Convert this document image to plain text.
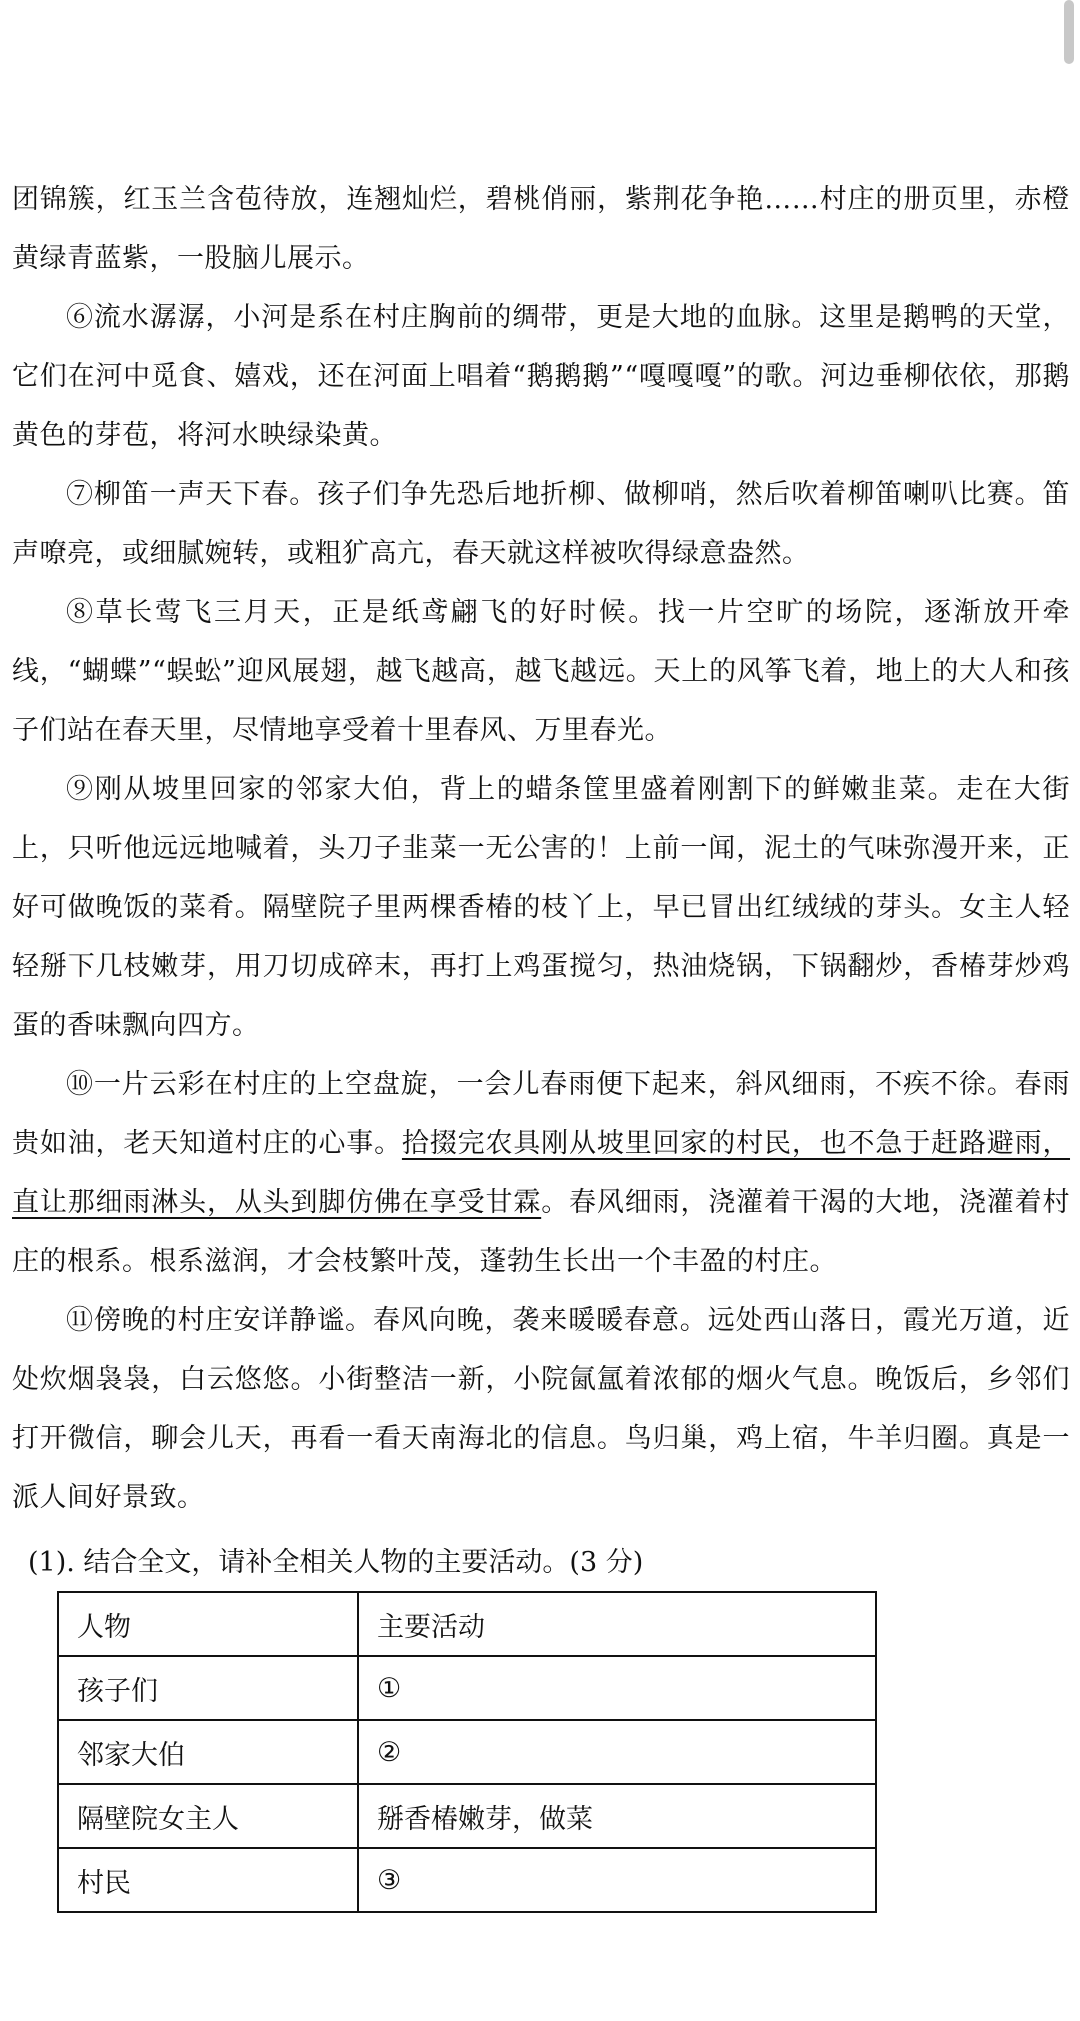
团锦簇，红玉兰含苞待放，连翘灿烂，碧桃俏丽，紫荆花争艳……村庄的册页里，赤橙黄绿青蓝紫，一股脑儿展示。

⑥流水潺潺，小河是系在村庄胸前的绸带，更是大地的血脉。这里是鹅鸭的天堂，它们在河中觅食、嬉戏，还在河面上唱着“鹅鹅鹅”“嘎嘎嘎”的歌。河边垂柳依依，那鹅黄色的芽苞，将河水映绿染黄。

⑦柳笛一声天下春。孩子们争先恐后地折柳、做柳哨，然后吹着柳笛喇叭比赛。笛声嘹亮，或细腻婉转，或粗犷高亢，春天就这样被吹得绿意盎然。

⑧草长莺飞三月天，正是纸鸢翩飞的好时候。找一片空旷的场院，逐渐放开牵线，“蝴蝶”“蜈蚣”迎风展翅，越飞越高，越飞越远。天上的风筝飞着，地上的大人和孩子们站在春天里，尽情地享受着十里春风、万里春光。

⑨刚从坡里回家的邻家大伯，背上的蜡条筐里盛着刚割下的鲜嫩韭菜。走在大街上，只听他远远地喊着，头刀子韭菜一无公害的！上前一闻，泥土的气味弥漫开来，正好可做晚饭的菜肴。隔壁院子里两棵香椿的枝丫上，早已冒出红绒绒的芽头。女主人轻轻掰下几枝嫩芽，用刀切成碎末，再打上鸡蛋搅匀，热油烧锅，下锅翻炒，香椿芽炒鸡蛋的香味飘向四方。

⑩一片云彩在村庄的上空盘旋，一会儿春雨便下起来，斜风细雨，不疾不徐。春雨贵如油，老天知道村庄的心事。拾掇完农具刚从坡里回家的村民，也不急于赶路避雨，直让那细雨淋头，从头到脚仿佛在享受甘霖。春风细雨，浇灌着干渴的大地，浇灌着村庄的根系。根系滋润，才会枝繁叶茂，蓬勃生长出一个丰盈的村庄。

⑪傍晚的村庄安详静谧。春风向晚，袭来暖暖春意。远处西山落日，霞光万道，近处炊烟袅袅，白云悠悠。小街整洁一新，小院氤氲着浓郁的烟火气息。晚饭后，乡邻们打开微信，聊会儿天，再看一看天南海北的信息。鸟归巢，鸡上宿，牛羊归圈。真是一派人间好景致。

(1). 结合全文，请补全相关人物的主要活动。(3 分)
人物	主要活动
孩子们	①
邻家大伯	②
隔壁院女主人	掰香椿嫩芽，做菜
村民	③
